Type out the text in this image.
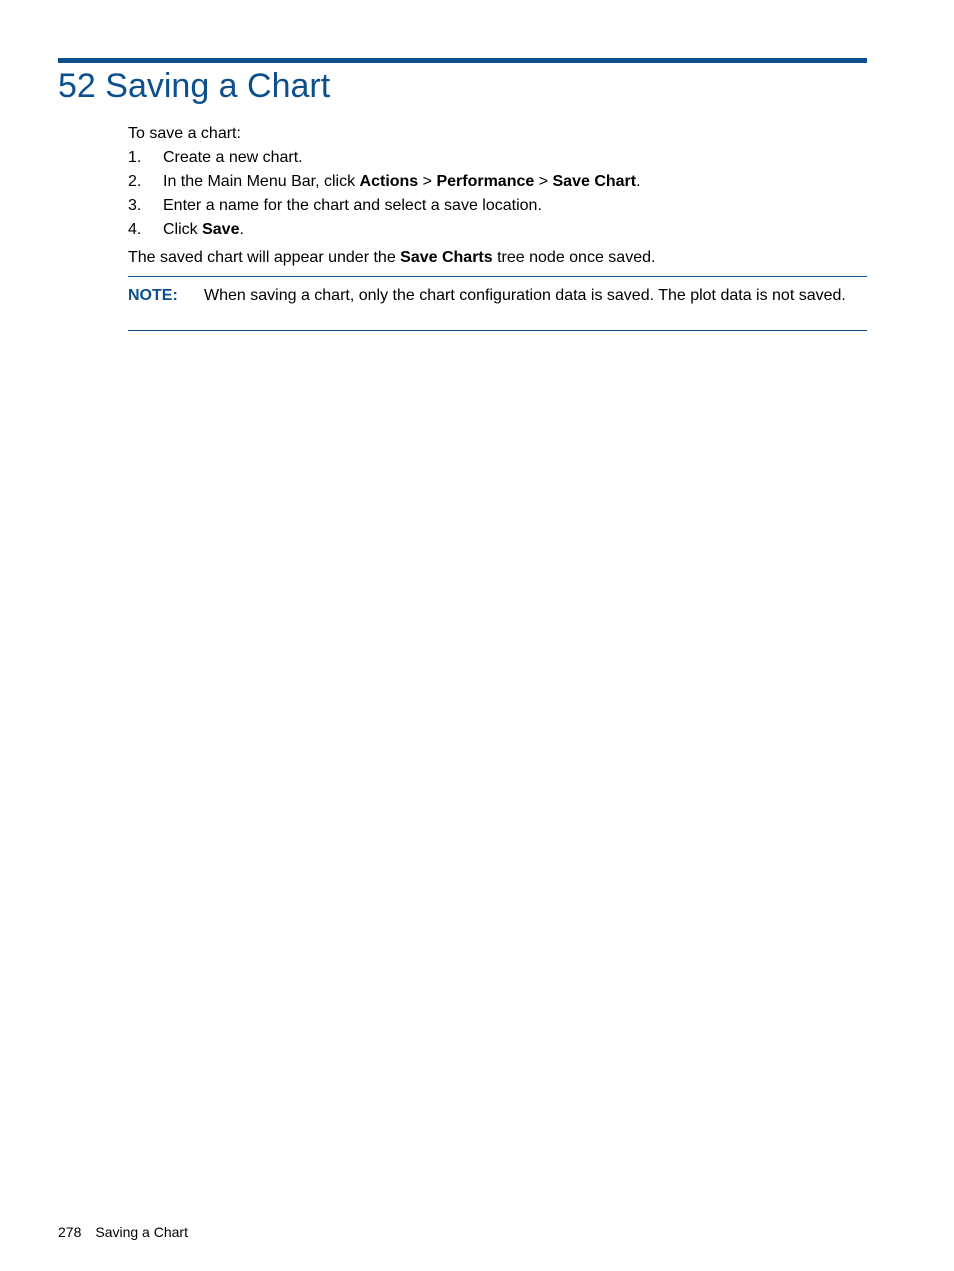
52 Saving a Chart

To save a chart:

1. Create a new chart.
2. In the Main Menu Bar, click Actions > Performance > Save Chart.
3. Enter a name for the chart and select a save location.
4. Click Save.

The saved chart will appear under the Save Charts tree node once saved.

NOTE: When saving a chart, only the chart configuration data is saved. The plot data is not saved.
278 Saving a Chart
